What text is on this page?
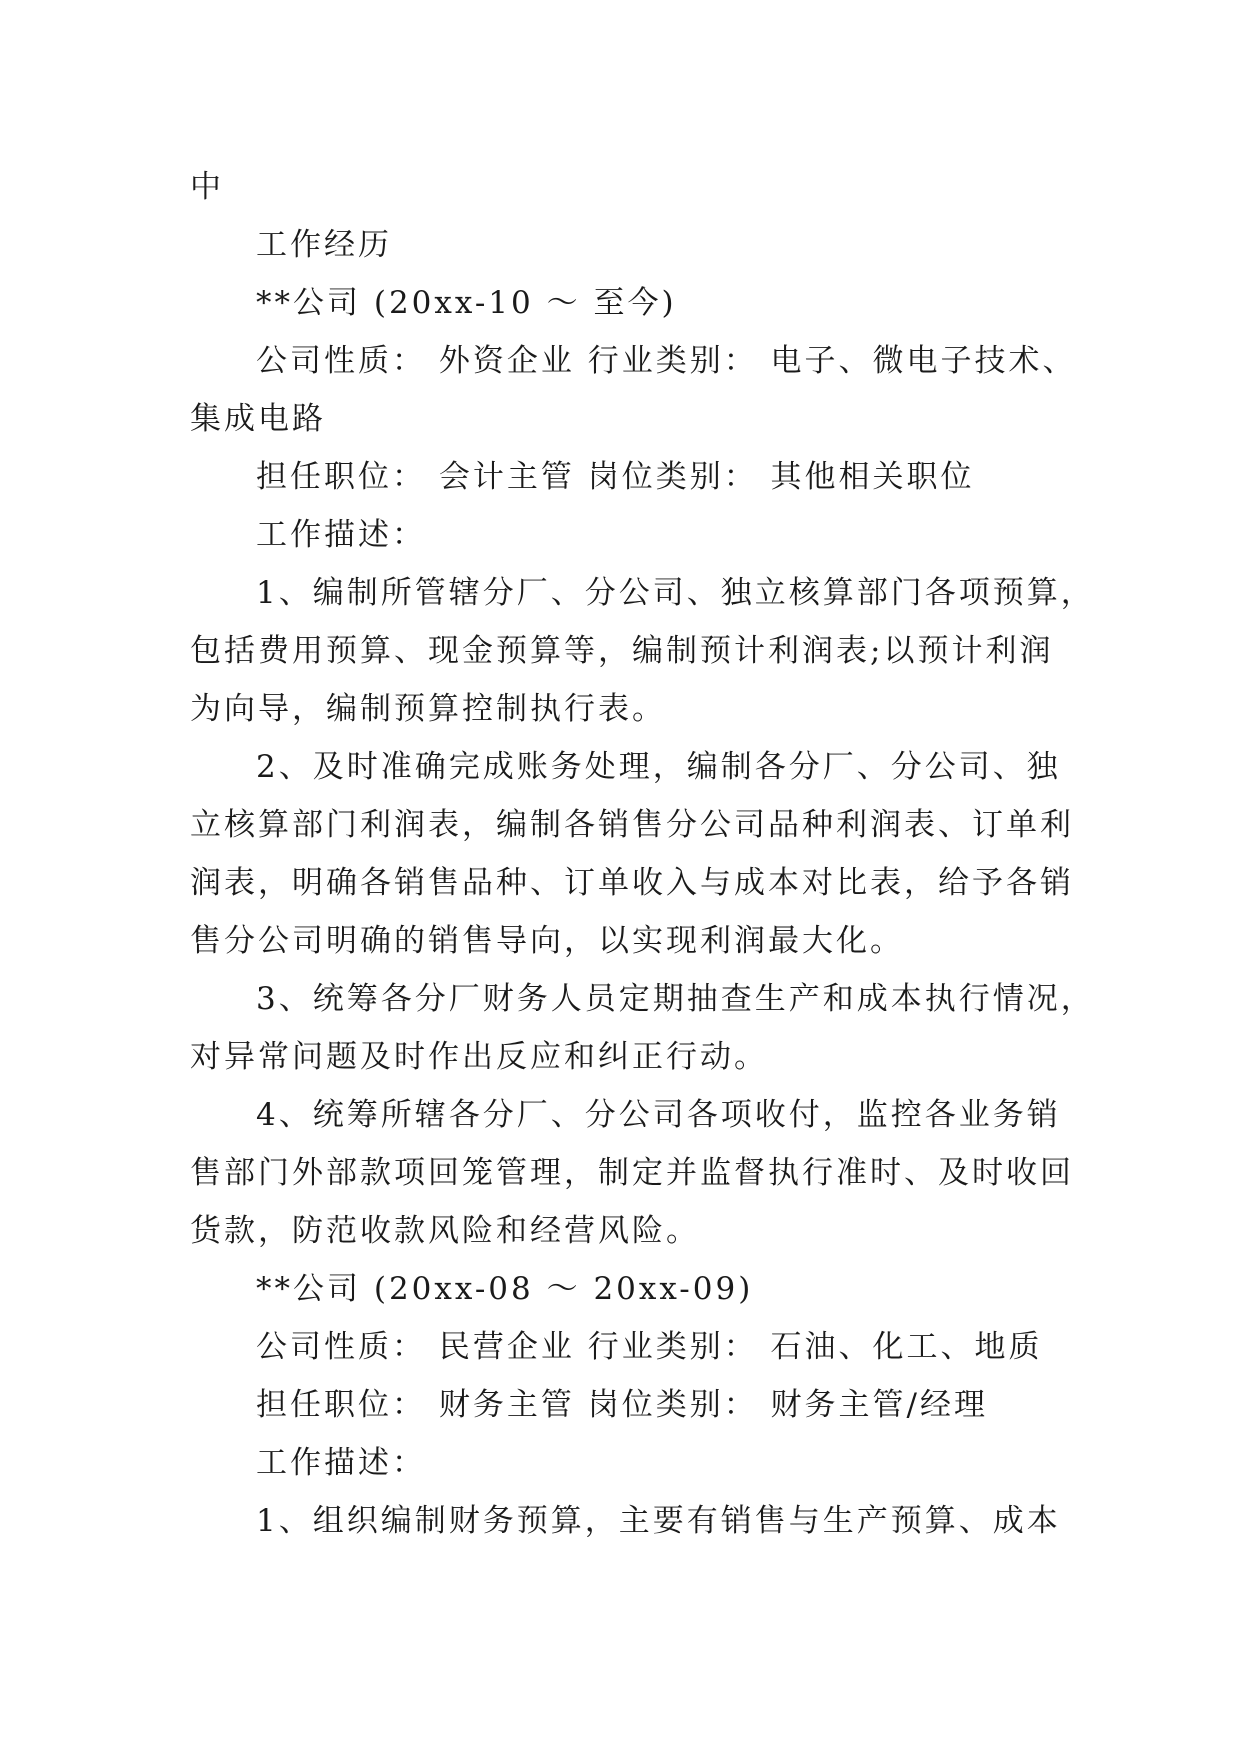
中

工作经历

**公司 (20xx-10 ～ 至今)

公司性质： 外资企业 行业类别： 电子、微电子技术、

集成电路

担任职位： 会计主管 岗位类别： 其他相关职位

工作描述：

1、编制所管辖分厂、分公司、独立核算部门各项预算，

包括费用预算、现金预算等，编制预计利润表;以预计利润

为向导，编制预算控制执行表。

2、及时准确完成账务处理，编制各分厂、分公司、独

立核算部门利润表，编制各销售分公司品种利润表、订单利

润表，明确各销售品种、订单收入与成本对比表，给予各销

售分公司明确的销售导向，以实现利润最大化。

3、统筹各分厂财务人员定期抽查生产和成本执行情况，

对异常问题及时作出反应和纠正行动。

4、统筹所辖各分厂、分公司各项收付，监控各业务销

售部门外部款项回笼管理，制定并监督执行准时、及时收回

货款，防范收款风险和经营风险。

**公司 (20xx-08 ～ 20xx-09)

公司性质： 民营企业 行业类别： 石油、化工、地质

担任职位： 财务主管 岗位类别： 财务主管/经理

工作描述：

1、组织编制财务预算，主要有销售与生产预算、成本
